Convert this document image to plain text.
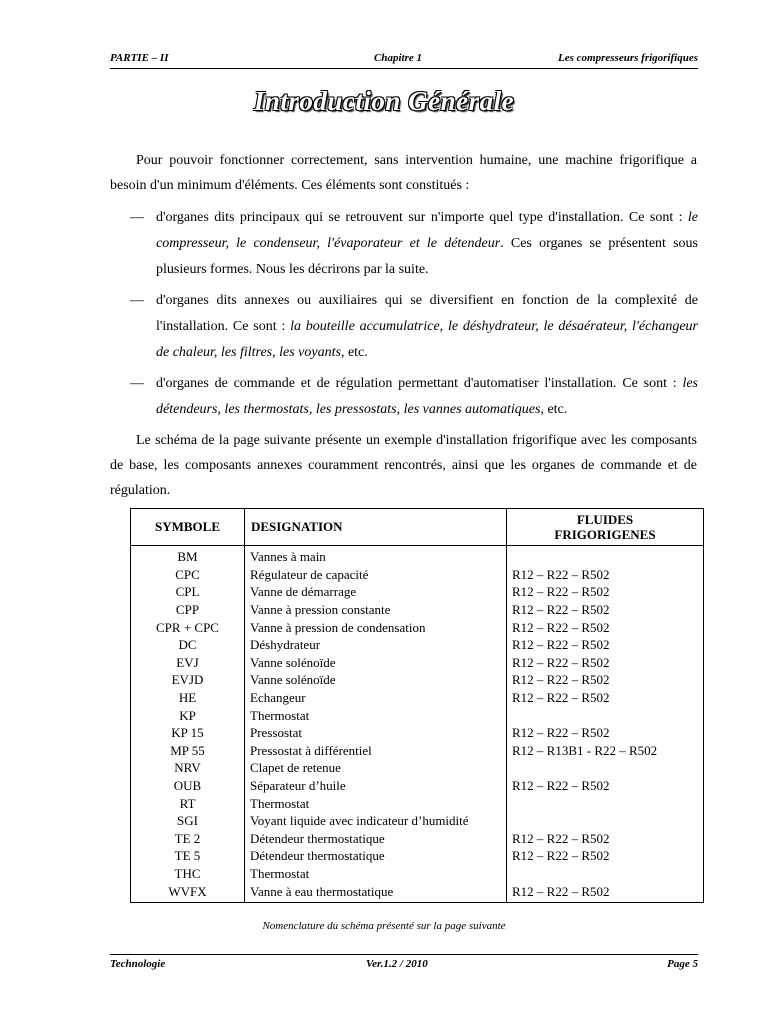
PARTIE – II	Chapitre 1	Les compresseurs frigorifiques
Introduction Générale
Pour pouvoir fonctionner correctement, sans intervention humaine, une machine frigorifique a besoin d'un minimum d'éléments. Ces éléments sont constitués :
— d'organes dits principaux qui se retrouvent sur n'importe quel type d'installation. Ce sont : le compresseur, le condenseur, l'évaporateur et le détendeur. Ces organes se présentent sous plusieurs formes. Nous les décrirons par la suite.
— d'organes dits annexes ou auxiliaires qui se diversifient en fonction de la complexité de l'installation. Ce sont : la bouteille accumulatrice, le déshydrateur, le désaérateur, l'échangeur de chaleur, les filtres, les voyants, etc.
— d'organes de commande et de régulation permettant d'automatiser l'installation. Ce sont : les détendeurs, les thermostats, les pressostats, les vannes automatiques, etc.
Le schéma de la page suivante présente un exemple d'installation frigorifique avec les composants de base, les composants annexes couramment rencontrés, ainsi que les organes de commande et de régulation.
SYMBOLE	DESIGNATION	FLUIDES
FRIGORIGENES
BM	Vannes à main	
CPC	Régulateur de capacité	R12 – R22 – R502
CPL	Vanne de démarrage	R12 – R22 – R502
CPP	Vanne à pression constante	R12 – R22 – R502
CPR + CPC	Vanne à pression de condensation	R12 – R22 – R502
DC	Déshydrateur	R12 – R22 – R502
EVJ	Vanne solénoïde	R12 – R22 – R502
EVJD	Vanne solénoïde	R12 – R22 – R502
HE	Echangeur	R12 – R22 – R502
KP	Thermostat	
KP 15	Pressostat	R12 – R22 – R502
MP 55	Pressostat à différentiel	R12 – R13B1 - R22 – R502
NRV	Clapet de retenue	
OUB	Séparateur d’huile	R12 – R22 – R502
RT	Thermostat	
SGI	Voyant liquide avec indicateur d’humidité	
TE 2	Détendeur thermostatique	R12 – R22 – R502
TE 5	Détendeur thermostatique	R12 – R22 – R502
THC	Thermostat	
WVFX	Vanne à eau thermostatique	R12 – R22 – R502
Nomenclature du schéma présenté sur la page suivante
Technologie	Ver.1.2 / 2010	Page 5
